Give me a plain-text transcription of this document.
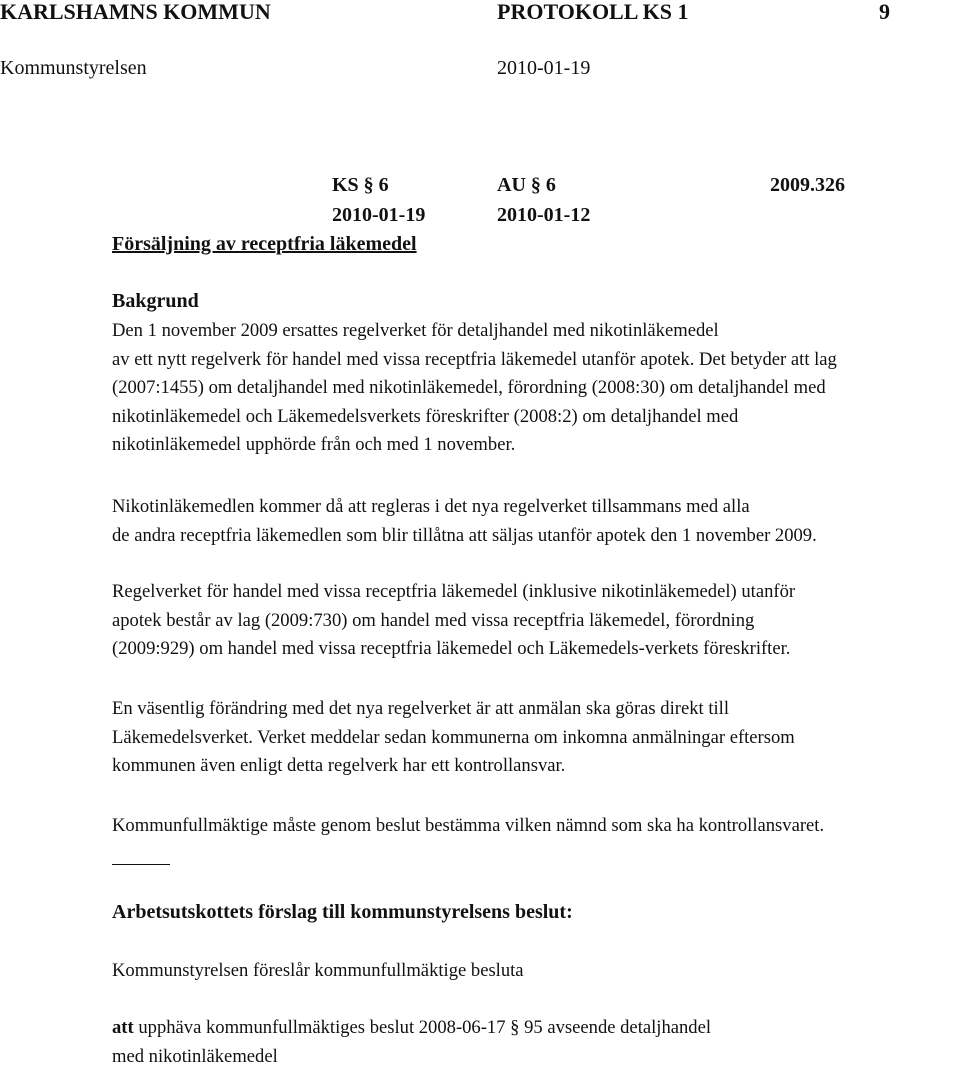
KARLSHAMNS KOMMUN	PROTOKOLL KS 1	9
Kommunstyrelsen	2010-01-19
KS § 6	AU § 6	2009.326
2010-01-19	2010-01-12
Försäljning av receptfria läkemedel
Bakgrund

Den 1 november 2009 ersattes regelverket för detaljhandel med nikotinläkemedel

av ett nytt regelverk för handel med vissa receptfria läkemedel utanför apotek. Det betyder att lag

(2007:1455) om detaljhandel med nikotinläkemedel, förordning (2008:30) om detaljhandel med

nikotinläkemedel och Läkemedelsverkets föreskrifter (2008:2) om detaljhandel med

nikotinläkemedel upphörde från och med 1 november.

Nikotinläkemedlen kommer då att regleras i det nya regelverket tillsammans med alla

de andra receptfria läkemedlen som blir tillåtna att säljas utanför apotek den 1 november 2009.

Regelverket för handel med vissa receptfria läkemedel (inklusive nikotinläkemedel) utanför

apotek består av lag (2009:730) om handel med vissa receptfria läkemedel, förordning

(2009:929) om handel med vissa receptfria läkemedel och Läkemedels-verkets föreskrifter.

En väsentlig förändring med det nya regelverket är att anmälan ska göras direkt till

Läkemedelsverket. Verket meddelar sedan kommunerna om inkomna anmälningar eftersom

kommunen även enligt detta regelverk har ett kontrollansvar.

Kommunfullmäktige måste genom beslut bestämma vilken nämnd som ska ha kontrollansvaret.

Arbetsutskottets förslag till kommunstyrelsens beslut:
Kommunstyrelsen föreslår kommunfullmäktige besluta

att upphäva kommunfullmäktiges beslut 2008-06-17 § 95 avseende detaljhandel

med nikotinläkemedel
